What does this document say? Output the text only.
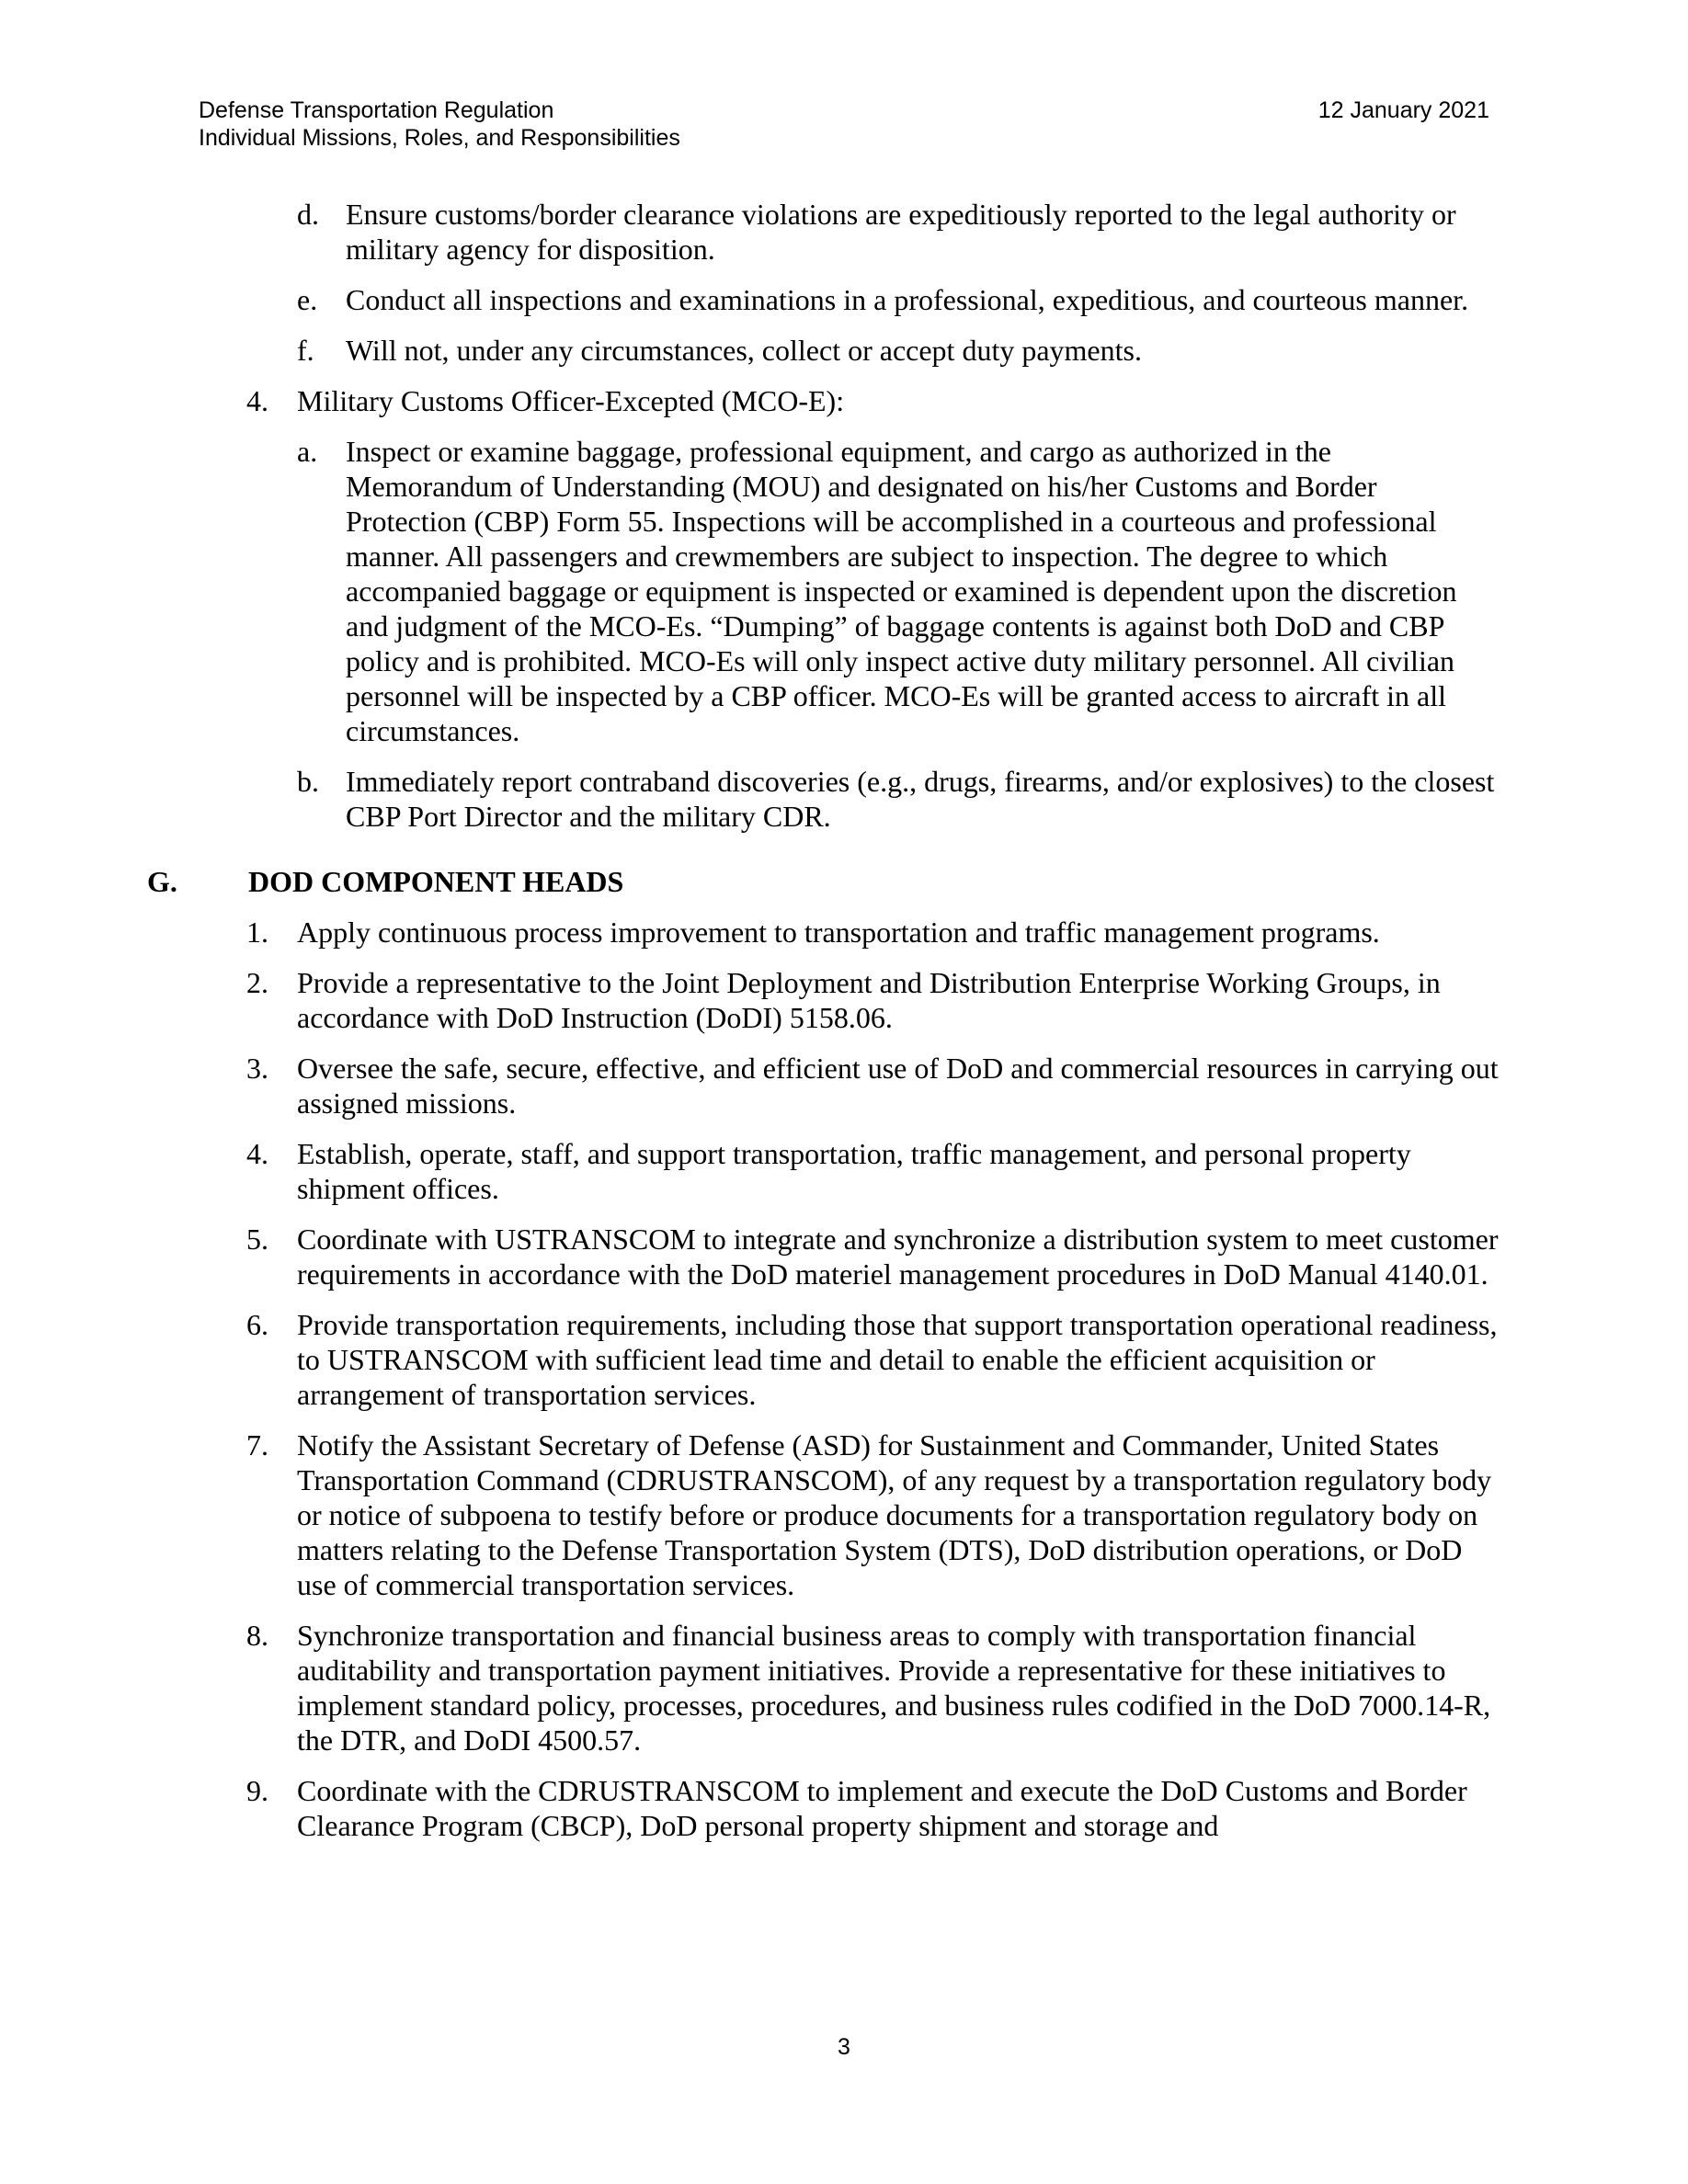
Defense Transportation Regulation	12 January 2021
Individual Missions, Roles, and Responsibilities
d. Ensure customs/border clearance violations are expeditiously reported to the legal authority or military agency for disposition.
e. Conduct all inspections and examinations in a professional, expeditious, and courteous manner.
f. Will not, under any circumstances, collect or accept duty payments.
4. Military Customs Officer-Excepted (MCO-E):
a. Inspect or examine baggage, professional equipment, and cargo as authorized in the Memorandum of Understanding (MOU) and designated on his/her Customs and Border Protection (CBP) Form 55. Inspections will be accomplished in a courteous and professional manner. All passengers and crewmembers are subject to inspection. The degree to which accompanied baggage or equipment is inspected or examined is dependent upon the discretion and judgment of the MCO-Es. “Dumping” of baggage contents is against both DoD and CBP policy and is prohibited. MCO-Es will only inspect active duty military personnel. All civilian personnel will be inspected by a CBP officer. MCO-Es will be granted access to aircraft in all circumstances.
b. Immediately report contraband discoveries (e.g., drugs, firearms, and/or explosives) to the closest CBP Port Director and the military CDR.
G. DOD COMPONENT HEADS
1. Apply continuous process improvement to transportation and traffic management programs.
2. Provide a representative to the Joint Deployment and Distribution Enterprise Working Groups, in accordance with DoD Instruction (DoDI) 5158.06.
3. Oversee the safe, secure, effective, and efficient use of DoD and commercial resources in carrying out assigned missions.
4. Establish, operate, staff, and support transportation, traffic management, and personal property shipment offices.
5. Coordinate with USTRANSCOM to integrate and synchronize a distribution system to meet customer requirements in accordance with the DoD materiel management procedures in DoD Manual 4140.01.
6. Provide transportation requirements, including those that support transportation operational readiness, to USTRANSCOM with sufficient lead time and detail to enable the efficient acquisition or arrangement of transportation services.
7. Notify the Assistant Secretary of Defense (ASD) for Sustainment and Commander, United States Transportation Command (CDRUSTRANSCOM), of any request by a transportation regulatory body or notice of subpoena to testify before or produce documents for a transportation regulatory body on matters relating to the Defense Transportation System (DTS), DoD distribution operations, or DoD use of commercial transportation services.
8. Synchronize transportation and financial business areas to comply with transportation financial auditability and transportation payment initiatives. Provide a representative for these initiatives to implement standard policy, processes, procedures, and business rules codified in the DoD 7000.14-R, the DTR, and DoDI 4500.57.
9. Coordinate with the CDRUSTRANSCOM to implement and execute the DoD Customs and Border Clearance Program (CBCP), DoD personal property shipment and storage and
3
